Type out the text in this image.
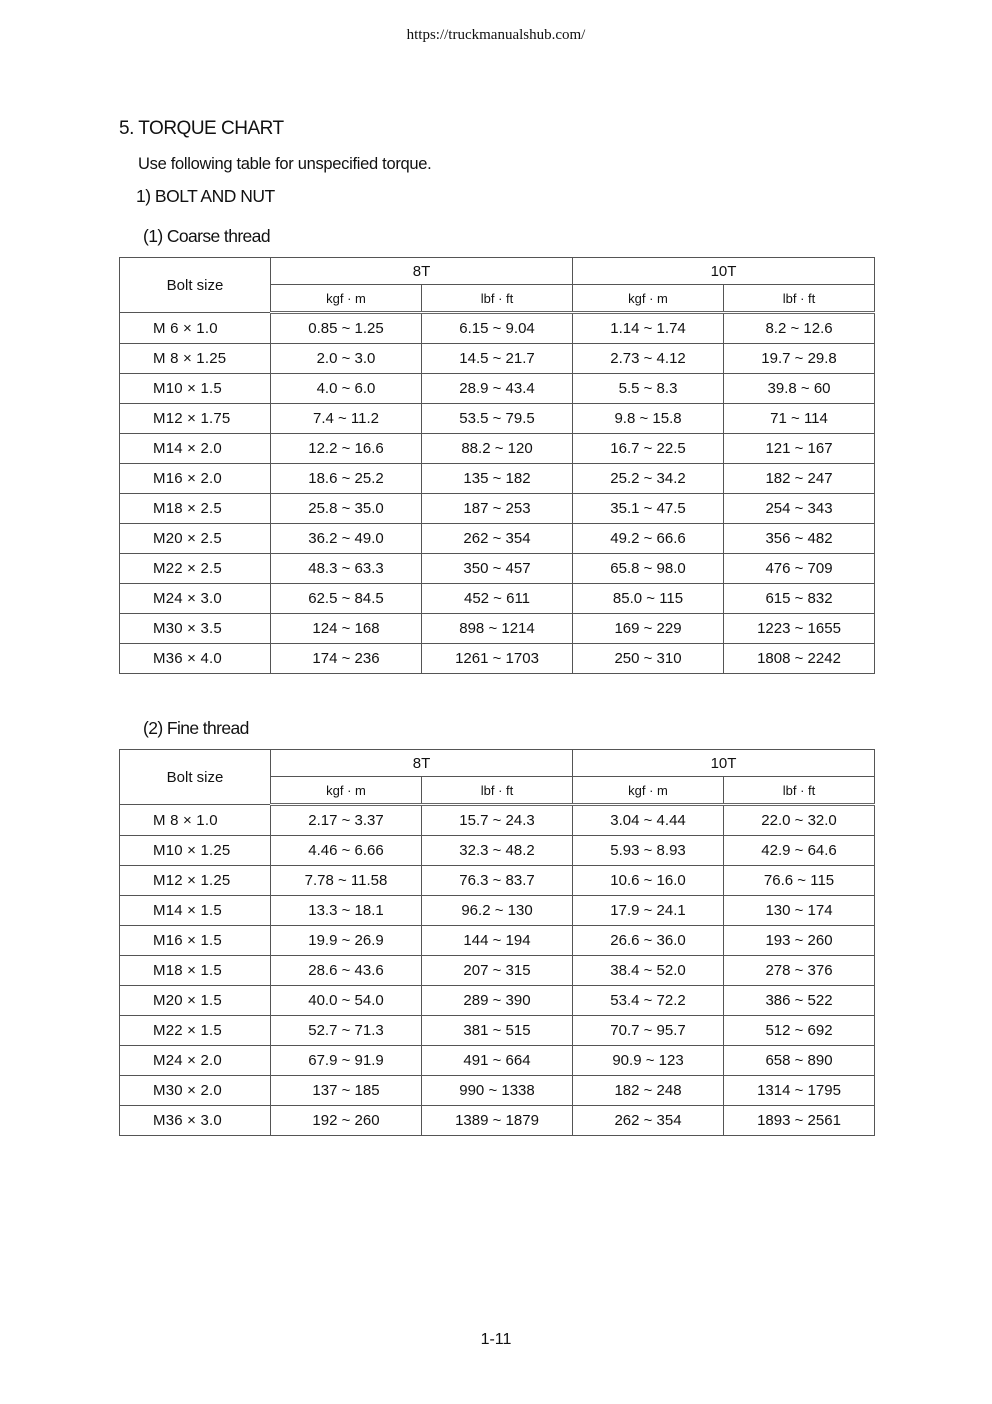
https://truckmanualshub.com/
5. TORQUE CHART
Use following table for unspecified torque.
1) BOLT AND NUT
(1) Coarse thread
Bolt size	8T		10T	
	kgf · m	lbf · ft	kgf · m	lbf · ft
M 6 × 1.0	0.85 ~ 1.25	6.15 ~ 9.04	1.14 ~ 1.74	8.2 ~ 12.6
M 8 × 1.25	2.0 ~ 3.0	14.5 ~ 21.7	2.73 ~ 4.12	19.7 ~ 29.8
M10 × 1.5	4.0 ~ 6.0	28.9 ~ 43.4	5.5 ~ 8.3	39.8 ~ 60
M12 × 1.75	7.4 ~ 11.2	53.5 ~ 79.5	9.8 ~ 15.8	71 ~ 114
M14 × 2.0	12.2 ~ 16.6	88.2 ~ 120	16.7 ~ 22.5	121 ~ 167
M16 × 2.0	18.6 ~ 25.2	135 ~ 182	25.2 ~ 34.2	182 ~ 247
M18 × 2.5	25.8 ~ 35.0	187 ~ 253	35.1 ~ 47.5	254 ~ 343
M20 × 2.5	36.2 ~ 49.0	262 ~ 354	49.2 ~ 66.6	356 ~ 482
M22 × 2.5	48.3 ~ 63.3	350 ~ 457	65.8 ~ 98.0	476 ~ 709
M24 × 3.0	62.5 ~ 84.5	452 ~ 611	85.0 ~ 115	615 ~ 832
M30 × 3.5	124 ~ 168	898 ~ 1214	169 ~ 229	1223 ~ 1655
M36 × 4.0	174 ~ 236	1261 ~ 1703	250 ~ 310	1808 ~ 2242
(2) Fine thread
Bolt size	8T		10T	
	kgf · m	lbf · ft	kgf · m	lbf · ft
M 8 × 1.0	2.17 ~ 3.37	15.7 ~ 24.3	3.04 ~ 4.44	22.0 ~ 32.0
M10 × 1.25	4.46 ~ 6.66	32.3 ~ 48.2	5.93 ~ 8.93	42.9 ~ 64.6
M12 × 1.25	7.78 ~ 11.58	76.3 ~ 83.7	10.6 ~ 16.0	76.6 ~ 115
M14 × 1.5	13.3 ~ 18.1	96.2 ~ 130	17.9 ~ 24.1	130 ~ 174
M16 × 1.5	19.9 ~ 26.9	144 ~ 194	26.6 ~ 36.0	193 ~ 260
M18 × 1.5	28.6 ~ 43.6	207 ~ 315	38.4 ~ 52.0	278 ~ 376
M20 × 1.5	40.0 ~ 54.0	289 ~ 390	53.4 ~ 72.2	386 ~ 522
M22 × 1.5	52.7 ~ 71.3	381 ~ 515	70.7 ~ 95.7	512 ~ 692
M24 × 2.0	67.9 ~ 91.9	491 ~ 664	90.9 ~ 123	658 ~ 890
M30 × 2.0	137 ~ 185	990 ~ 1338	182 ~ 248	1314 ~ 1795
M36 × 3.0	192 ~ 260	1389 ~ 1879	262 ~ 354	1893 ~ 2561
1-11
